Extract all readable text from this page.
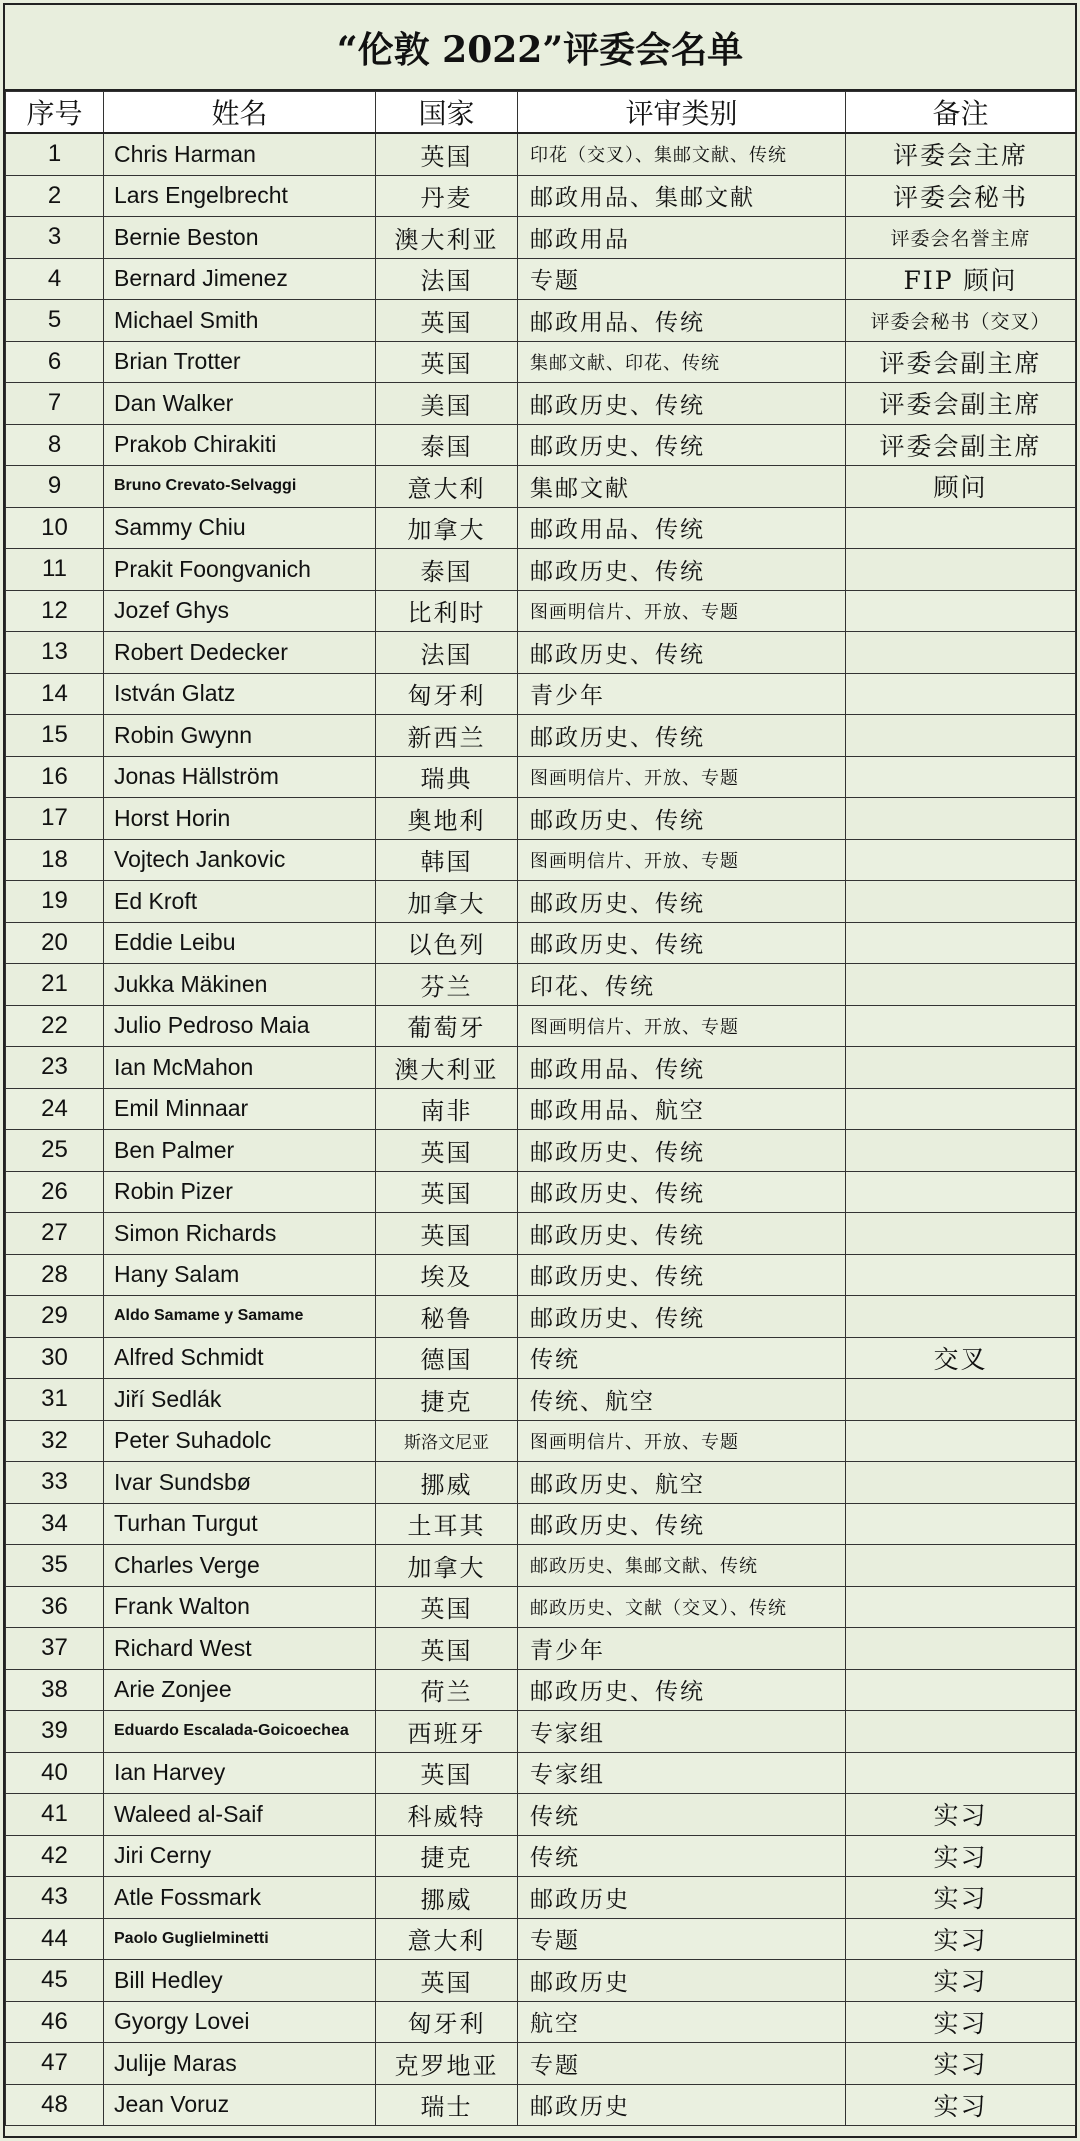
“伦敦 2022”评委会名单
序号	姓名	国家	评审类别	备注
1	Chris Harman	英国	印花（交叉）、集邮文献、传统	评委会主席
2	Lars Engelbrecht	丹麦	邮政用品、集邮文献	评委会秘书
3	Bernie Beston	澳大利亚	邮政用品	评委会名誉主席
4	Bernard Jimenez	法国	专题	FIP 顾问
5	Michael Smith	英国	邮政用品、传统	评委会秘书（交叉）
6	Brian Trotter	英国	集邮文献、印花、传统	评委会副主席
7	Dan Walker	美国	邮政历史、传统	评委会副主席
8	Prakob Chirakiti	泰国	邮政历史、传统	评委会副主席
9	Bruno Crevato-Selvaggi	意大利	集邮文献	顾问
10	Sammy Chiu	加拿大	邮政用品、传统	
11	Prakit Foongvanich	泰国	邮政历史、传统	
12	Jozef Ghys	比利时	图画明信片、开放、专题	
13	Robert Dedecker	法国	邮政历史、传统	
14	István Glatz	匈牙利	青少年	
15	Robin Gwynn	新西兰	邮政历史、传统	
16	Jonas Hällström	瑞典	图画明信片、开放、专题	
17	Horst Horin	奥地利	邮政历史、传统	
18	Vojtech Jankovic	韩国	图画明信片、开放、专题	
19	Ed Kroft	加拿大	邮政历史、传统	
20	Eddie Leibu	以色列	邮政历史、传统	
21	Jukka Mäkinen	芬兰	印花、传统	
22	Julio Pedroso Maia	葡萄牙	图画明信片、开放、专题	
23	Ian McMahon	澳大利亚	邮政用品、传统	
24	Emil Minnaar	南非	邮政用品、航空	
25	Ben Palmer	英国	邮政历史、传统	
26	Robin Pizer	英国	邮政历史、传统	
27	Simon Richards	英国	邮政历史、传统	
28	Hany Salam	埃及	邮政历史、传统	
29	Aldo Samame y Samame	秘鲁	邮政历史、传统	
30	Alfred Schmidt	德国	传统	交叉
31	Jiří Sedlák	捷克	传统、航空	
32	Peter Suhadolc	斯洛文尼亚	图画明信片、开放、专题	
33	Ivar Sundsbø	挪威	邮政历史、航空	
34	Turhan Turgut	土耳其	邮政历史、传统	
35	Charles Verge	加拿大	邮政历史、集邮文献、传统	
36	Frank Walton	英国	邮政历史、文献（交叉）、传统	
37	Richard West	英国	青少年	
38	Arie Zonjee	荷兰	邮政历史、传统	
39	Eduardo Escalada-Goicoechea	西班牙	专家组	
40	Ian Harvey	英国	专家组	
41	Waleed al-Saif	科威特	传统	实习
42	Jiri Cerny	捷克	传统	实习
43	Atle Fossmark	挪威	邮政历史	实习
44	Paolo Guglielminetti	意大利	专题	实习
45	Bill Hedley	英国	邮政历史	实习
46	Gyorgy Lovei	匈牙利	航空	实习
47	Julije Maras	克罗地亚	专题	实习
48	Jean Voruz	瑞士	邮政历史	实习
